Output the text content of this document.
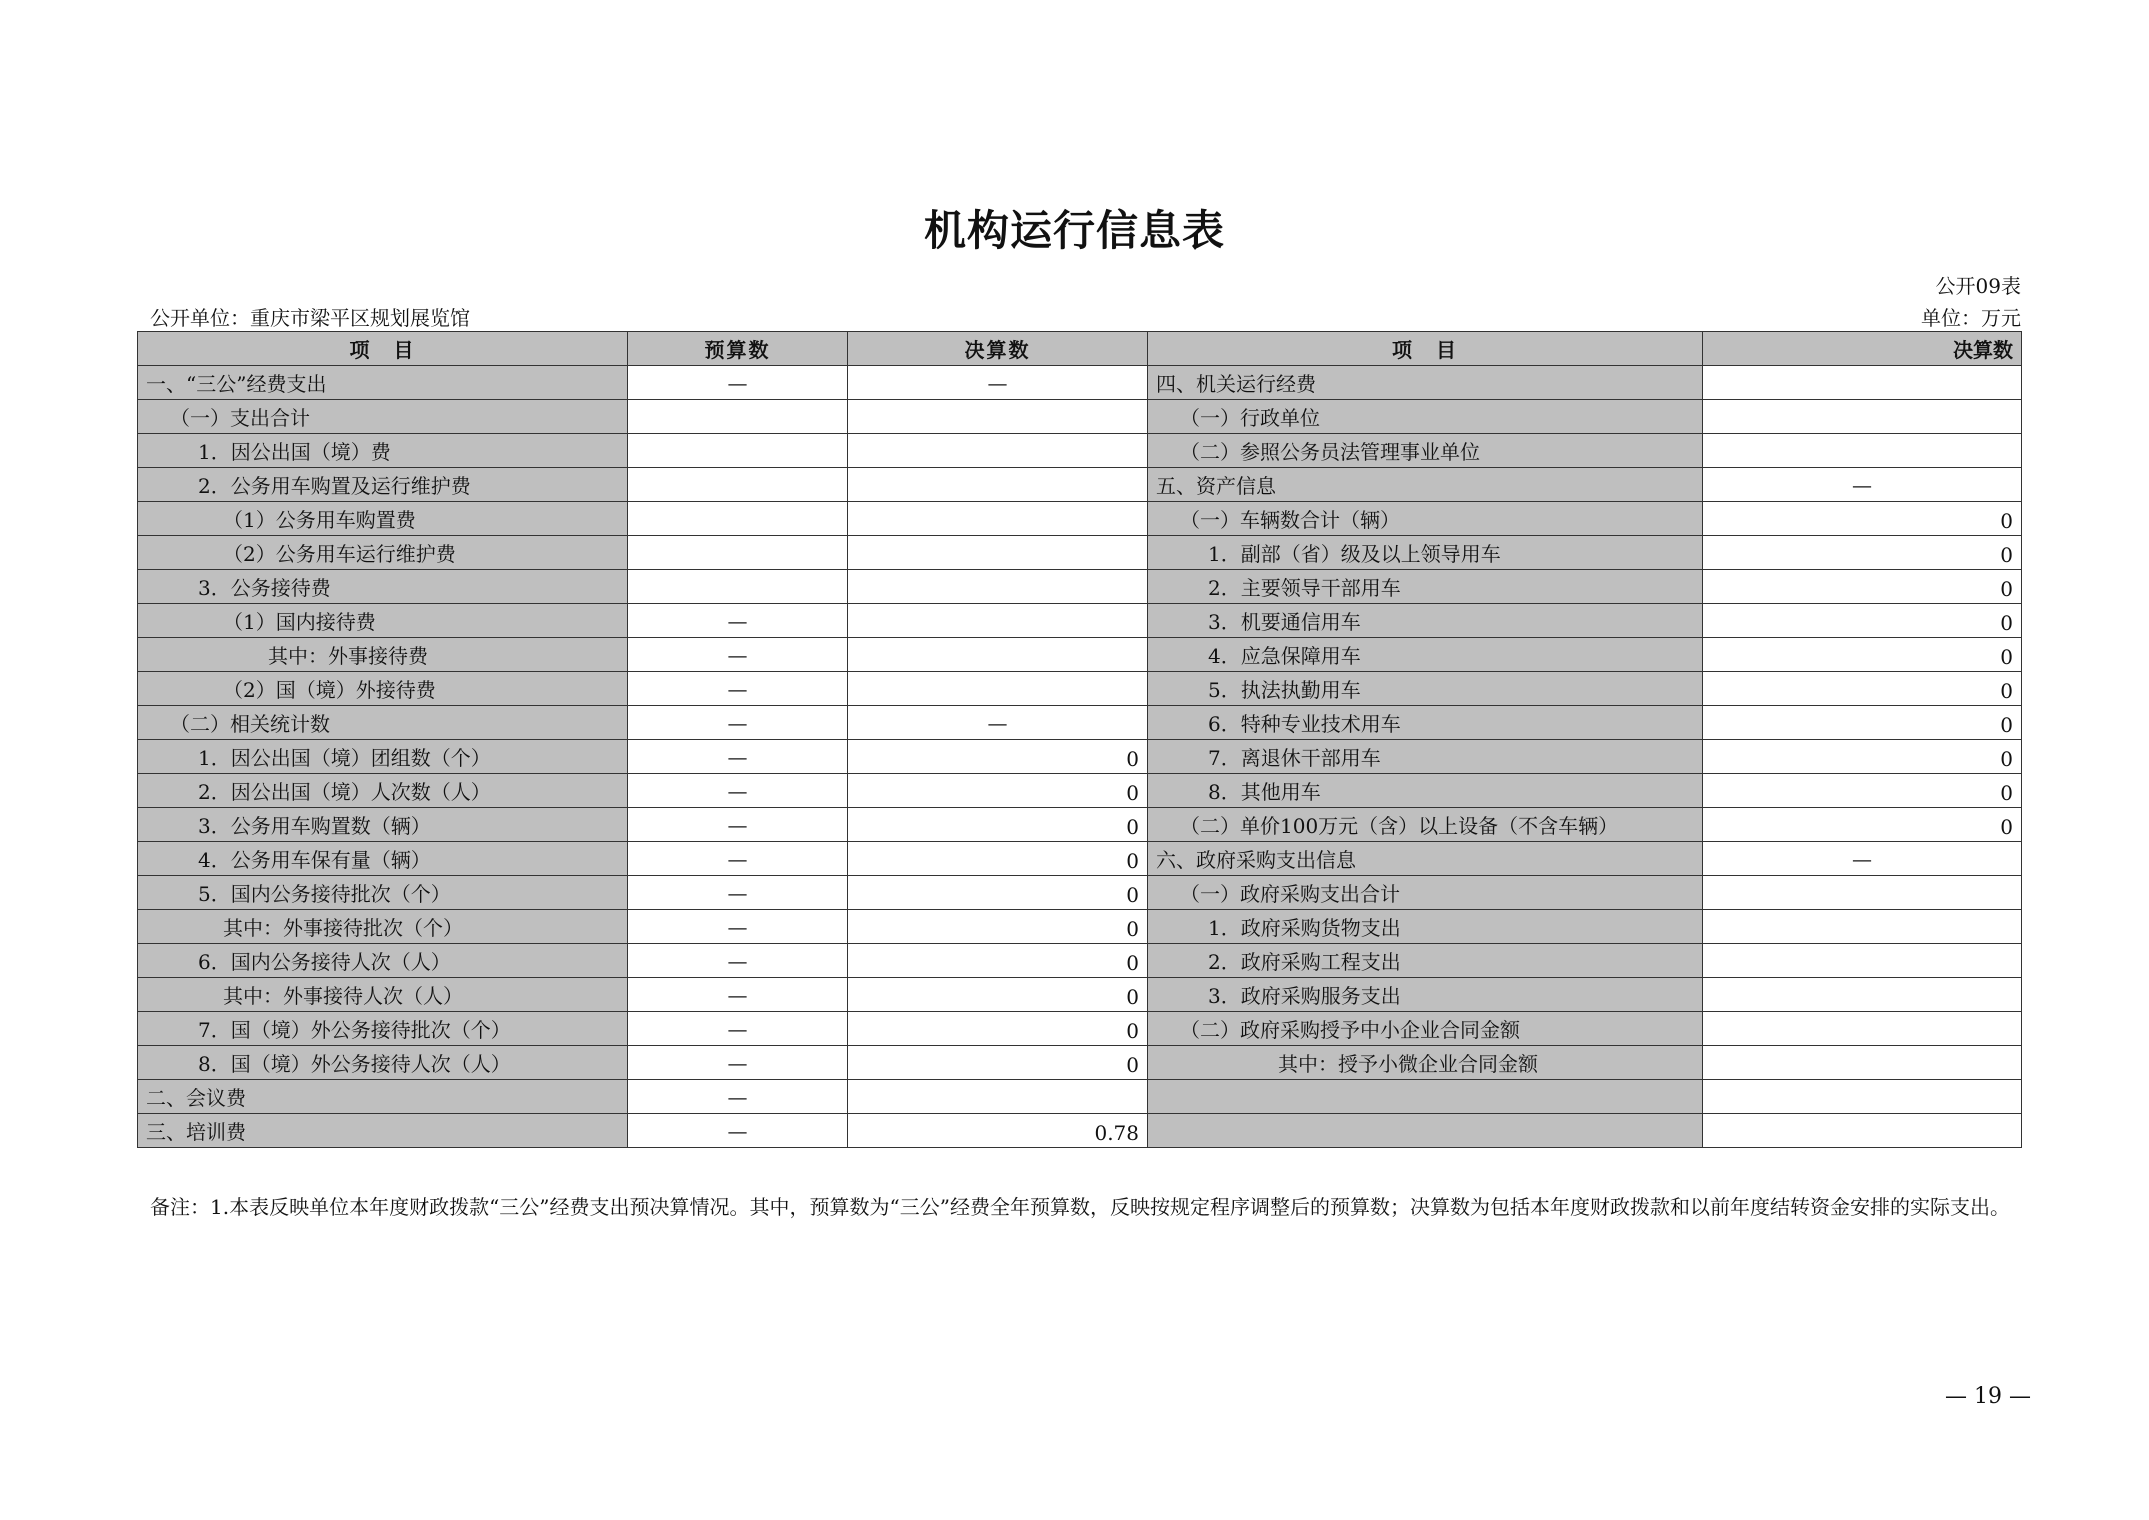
机构运行信息表
公开09表
公开单位：重庆市梁平区规划展览馆	单位：万元
项　目	预算数	决算数	项　目	决算数
一、“三公”经费支出	—	—	四、机关运行经费	
（一）支出合计			（一）行政单位	
1．因公出国（境）费			（二）参照公务员法管理事业单位	
2．公务用车购置及运行维护费			五、资产信息	—
（1）公务用车购置费			（一）车辆数合计（辆）	0
（2）公务用车运行维护费			1．副部（省）级及以上领导用车	0
3．公务接待费			2．主要领导干部用车	0
（1）国内接待费	—		3．机要通信用车	0
其中：外事接待费	—		4．应急保障用车	0
（2）国（境）外接待费	—		5．执法执勤用车	0
（二）相关统计数	—	—	6．特种专业技术用车	0
1．因公出国（境）团组数（个）	—	0	7．离退休干部用车	0
2．因公出国（境）人次数（人）	—	0	8．其他用车	0
3．公务用车购置数（辆）	—	0	（二）单价100万元（含）以上设备（不含车辆）	0
4．公务用车保有量（辆）	—	0	六、政府采购支出信息	—
5．国内公务接待批次（个）	—	0	（一）政府采购支出合计	
其中：外事接待批次（个）	—	0	1．政府采购货物支出	
6．国内公务接待人次（人）	—	0	2．政府采购工程支出	
其中：外事接待人次（人）	—	0	3．政府采购服务支出	
7．国（境）外公务接待批次（个）	—	0	（二）政府采购授予中小企业合同金额	
8．国（境）外公务接待人次（人）	—	0	其中：授予小微企业合同金额	
二、会议费	—			
三、培训费	—	0.78		
备注：1.本表反映单位本年度财政拨款“三公”经费支出预决算情况。其中，预算数为“三公”经费全年预算数，反映按规定程序调整后的预算数；决算数为包括本年度财政拨款和以前年度结转资金安排的实际支出。
— 19 —
